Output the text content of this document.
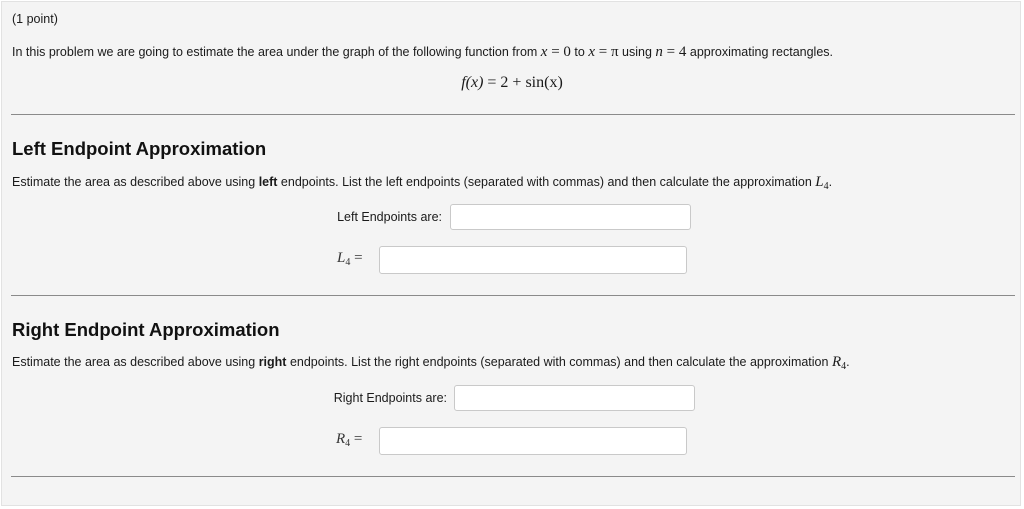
(1 point)
In this problem we are going to estimate the area under the graph of the following function from x = 0 to x = π using n = 4 approximating rectangles.
f(x) = 2 + sin(x)
Left Endpoint Approximation
Estimate the area as described above using left endpoints. List the left endpoints (separated with commas) and then calculate the approximation $L_4$.
Left Endpoints are:
$L_4$ =
Right Endpoint Approximation
Estimate the area as described above using right endpoints. List the right endpoints (separated with commas) and then calculate the approximation $R_4$.
Right Endpoints are:
$R_4$ =
